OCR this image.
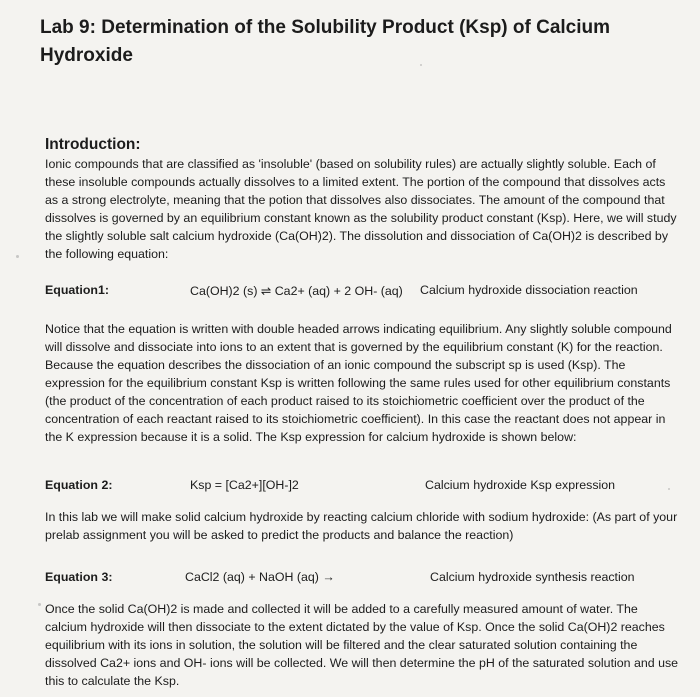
Lab 9: Determination of the Solubility Product (Ksp) of Calcium Hydroxide
Introduction:

Ionic compounds that are classified as 'insoluble' (based on solubility rules) are actually slightly soluble. Each of these insoluble compounds actually dissolves to a limited extent. The portion of the compound that dissolves acts as a strong electrolyte, meaning that the potion that dissolves also dissociates. The amount of the compound that dissolves is governed by an equilibrium constant known as the solubility product constant (Ksp). Here, we will study the slightly soluble salt calcium hydroxide (Ca(OH)2). The dissolution and dissociation of Ca(OH)2 is described by the following equation:

Equation1:	Ca(OH)2 (s) ⇌ Ca2+ (aq) + 2 OH- (aq) Calcium hydroxide dissociation reaction

Notice that the equation is written with double headed arrows indicating equilibrium. Any slightly soluble compound will dissolve and dissociate into ions to an extent that is governed by the equilibrium constant (K) for the reaction. Because the equation describes the dissociation of an ionic compound the subscript sp is used (Ksp). The expression for the equilibrium constant Ksp is written following the same rules used for other equilibrium constants (the product of the concentration of each product raised to its stoichiometric coefficient over the product of the concentration of each reactant raised to its stoichiometric coefficient). In this case the reactant does not appear in the K expression because it is a solid. The Ksp expression for calcium hydroxide is shown below:

Equation 2:	Ksp = [Ca2+][OH-]2	Calcium hydroxide Ksp expression

In this lab we will make solid calcium hydroxide by reacting calcium chloride with sodium hydroxide: (As part of your prelab assignment you will be asked to predict the products and balance the reaction)

Equation 3:	CaCl2 (aq) + NaOH (aq) →	Calcium hydroxide synthesis reaction

Once the solid Ca(OH)2 is made and collected it will be added to a carefully measured amount of water. The calcium hydroxide will then dissociate to the extent dictated by the value of Ksp. Once the solid Ca(OH)2 reaches equilibrium with its ions in solution, the solution will be filtered and the clear saturated solution containing the dissolved Ca2+ ions and OH- ions will be collected. We will then determine the pH of the saturated solution and use this to calculate the Ksp.
